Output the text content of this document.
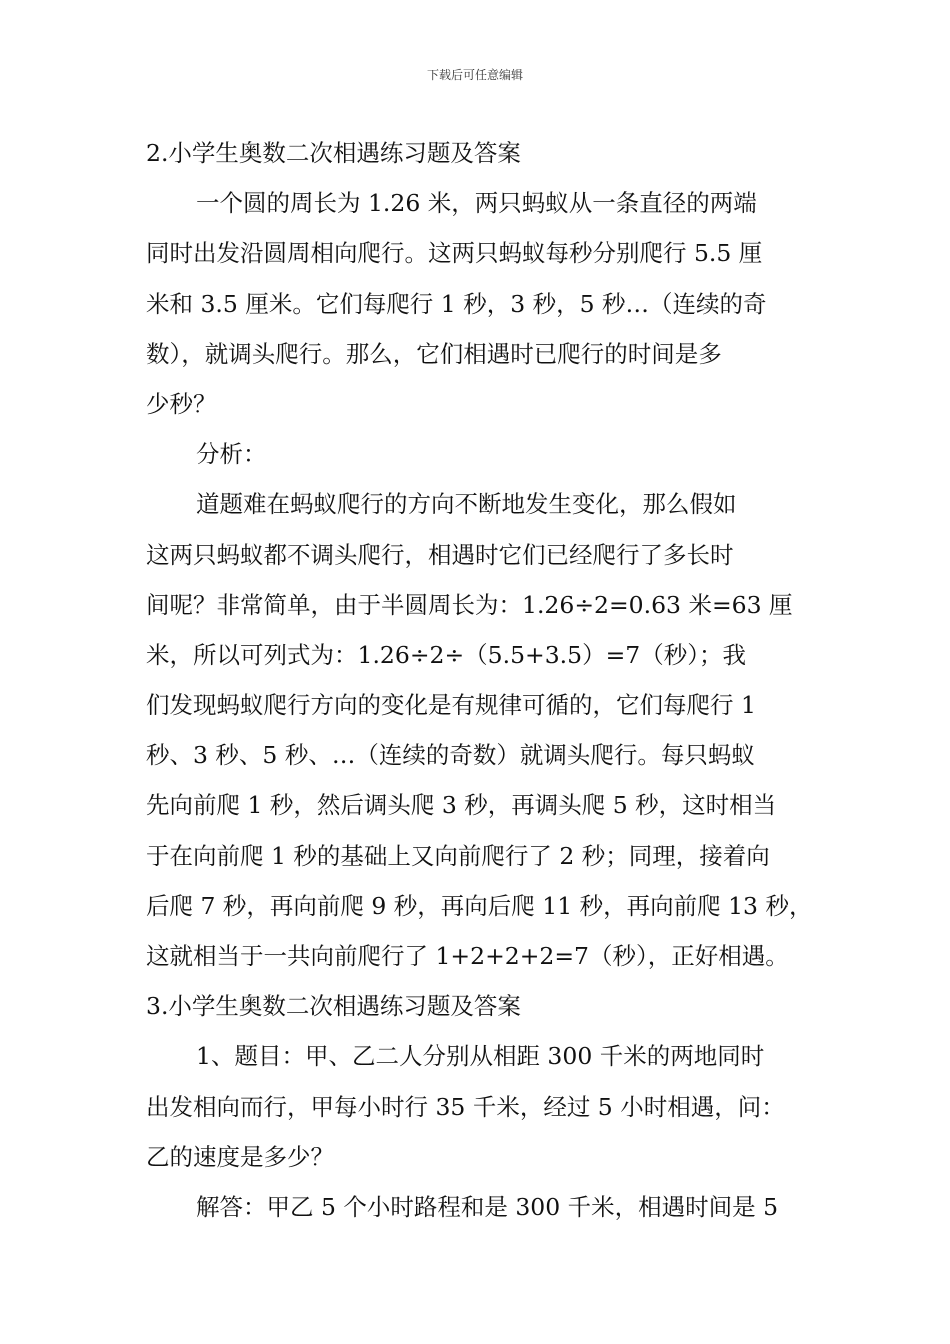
下载后可任意编辑
2.小学生奥数二次相遇练习题及答案
一个圆的周长为 1.26 米，两只蚂蚁从一条直径的两端
同时出发沿圆周相向爬行。这两只蚂蚁每秒分别爬行 5.5 厘
米和 3.5 厘米。它们每爬行 1 秒，3 秒，5 秒…（连续的奇
数），就调头爬行。那么，它们相遇时已爬行的时间是多
少秒？
分析：
道题难在蚂蚁爬行的方向不断地发生变化，那么假如
这两只蚂蚁都不调头爬行，相遇时它们已经爬行了多长时
间呢？非常简单，由于半圆周长为：1.26÷2=0.63 米=63 厘
米，所以可列式为：1.26÷2÷（5.5+3.5）=7（秒）；我
们发现蚂蚁爬行方向的变化是有规律可循的，它们每爬行 1
秒、3 秒、5 秒、…（连续的奇数）就调头爬行。每只蚂蚁
先向前爬 1 秒，然后调头爬 3 秒，再调头爬 5 秒，这时相当
于在向前爬 1 秒的基础上又向前爬行了 2 秒；同理，接着向
后爬 7 秒，再向前爬 9 秒，再向后爬 11 秒，再向前爬 13 秒，
这就相当于一共向前爬行了 1+2+2+2=7（秒），正好相遇。
3.小学生奥数二次相遇练习题及答案
1、题目：甲、乙二人分别从相距 300 千米的两地同时
出发相向而行，甲每小时行 35 千米，经过 5 小时相遇，问：
乙的速度是多少？
解答：甲乙 5 个小时路程和是 300 千米，相遇时间是 5
